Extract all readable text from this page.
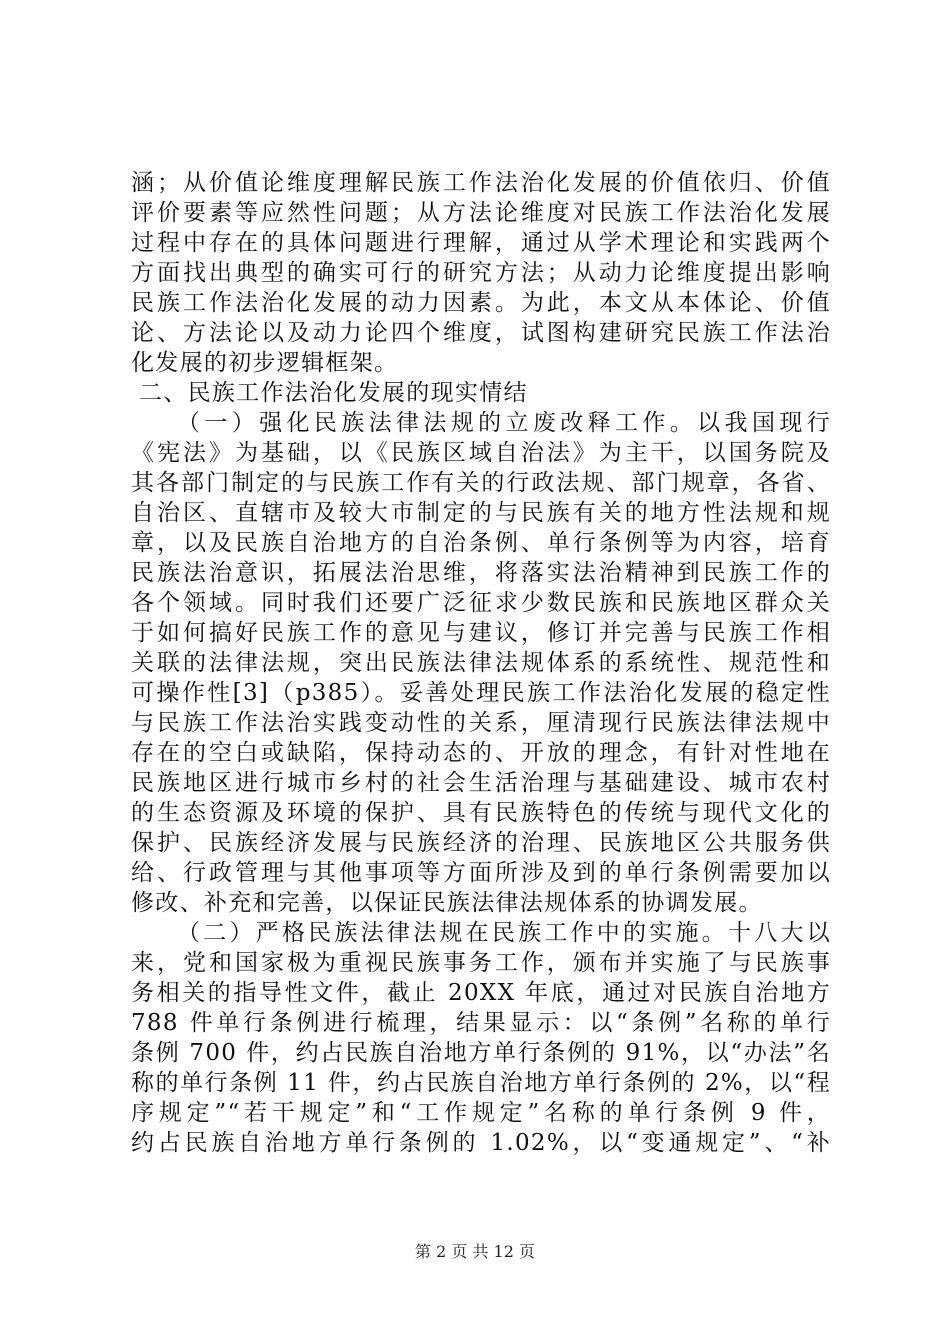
涵；从价值论维度理解民族工作法治化发展的价值依归、价值
评价要素等应然性问题；从方法论维度对民族工作法治化发展
过程中存在的具体问题进行理解，通过从学术理论和实践两个
方面找出典型的确实可行的研究方法；从动力论维度提出影响
民族工作法治化发展的动力因素。为此，本文从本体论、价值
论、方法论以及动力论四个维度，试图构建研究民族工作法治
化发展的初步逻辑框架。
二、民族工作法治化发展的现实情结
（一）强化民族法律法规的立废改释工作。以我国现行
《宪法》为基础，以《民族区域自治法》为主干，以国务院及
其各部门制定的与民族工作有关的行政法规、部门规章，各省、
自治区、直辖市及较大市制定的与民族有关的地方性法规和规
章，以及民族自治地方的自治条例、单行条例等为内容，培育
民族法治意识，拓展法治思维，将落实法治精神到民族工作的
各个领域。同时我们还要广泛征求少数民族和民族地区群众关
于如何搞好民族工作的意见与建议，修订并完善与民族工作相
关联的法律法规，突出民族法律法规体系的系统性、规范性和
可操作性[3]（p385）。妥善处理民族工作法治化发展的稳定性
与民族工作法治实践变动性的关系，厘清现行民族法律法规中
存在的空白或缺陷，保持动态的、开放的理念，有针对性地在
民族地区进行城市乡村的社会生活治理与基础建设、城市农村
的生态资源及环境的保护、具有民族特色的传统与现代文化的
保护、民族经济发展与民族经济的治理、民族地区公共服务供
给、行政管理与其他事项等方面所涉及到的单行条例需要加以
修改、补充和完善，以保证民族法律法规体系的协调发展。
（二）严格民族法律法规在民族工作中的实施。十八大以
来，党和国家极为重视民族事务工作，颁布并实施了与民族事
务相关的指导性文件，截止 20XX 年底，通过对民族自治地方
788 件单行条例进行梳理，结果显示：以“条例”名称的单行
条例 700 件，约占民族自治地方单行条例的 91%，以“办法”名
称的单行条例 11 件，约占民族自治地方单行条例的 2%，以“程
序规定”“若干规定”和“工作规定”名称的单行条例 9 件，
约占民族自治地方单行条例的 1.02%，以“变通规定”、“补
第 2 页 共 12 页
